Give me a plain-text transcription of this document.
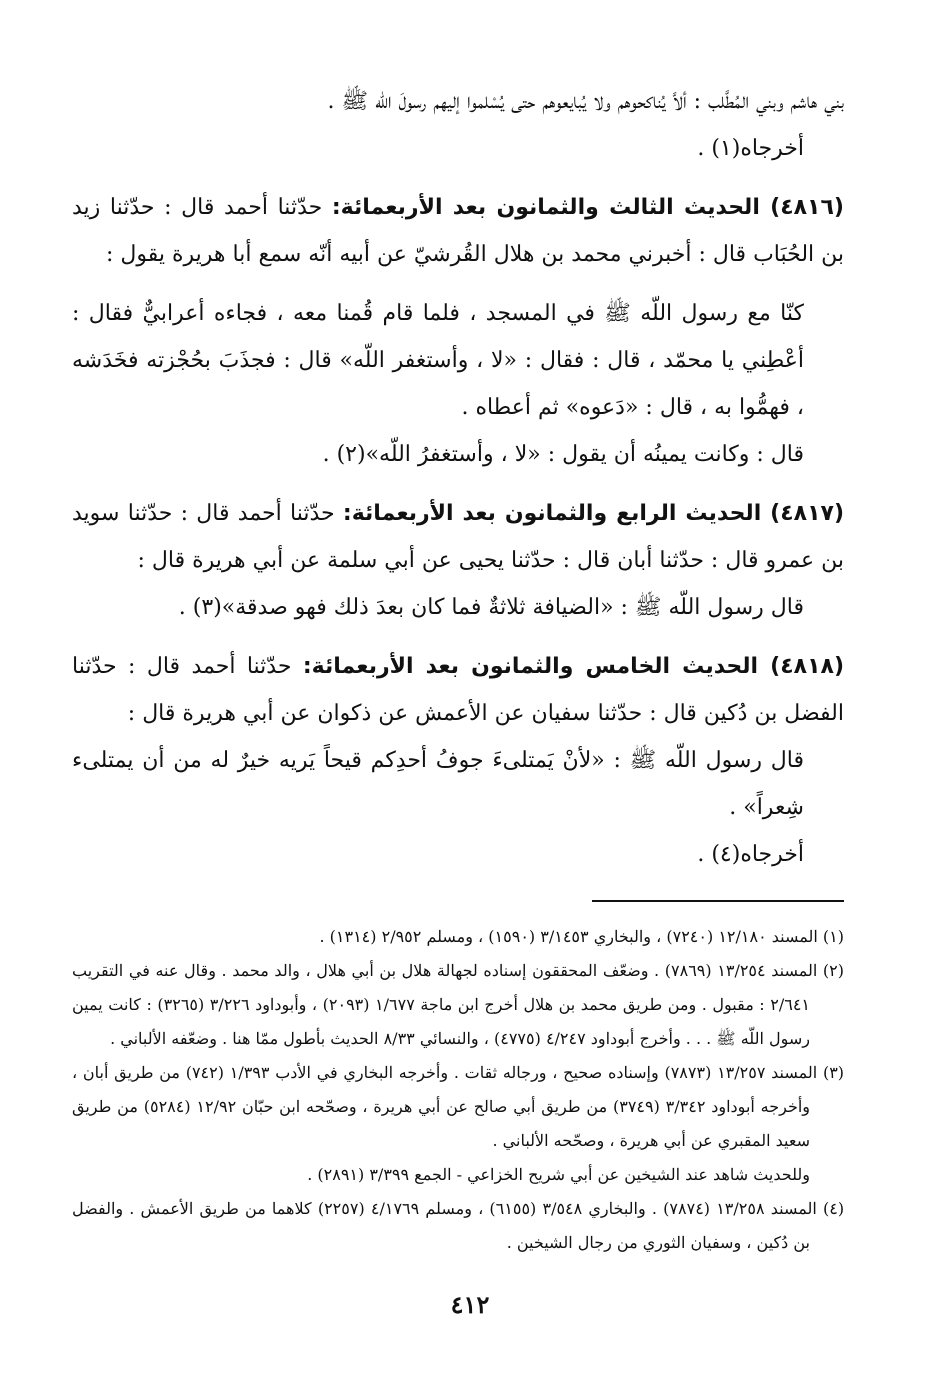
بني هاشم وبني المُطَّلب : ألاَّ يُناكحوهم ولا يُبايعوهم حتى يُسْلموا إليهم رسولَ اللّه ﷺ .

أخرجاه(١) .

(٤٨١٦) الحديث الثالث والثمانون بعد الأربعمائة: حدّثنا أحمد قال : حدّثنا زيد بن الحُبَاب قال : أخبرني محمد بن هلال القُرشيّ عن أبيه أنّه سمع أبا هريرة يقول :

كنّا مع رسول اللّه ﷺ في المسجد ، فلما قام قُمنا معه ، فجاءه أعرابيٌّ فقال : أعْطِني يا محمّد ، قال : فقال : «لا ، وأستغفر اللّه» قال : فجذَبَ بحُجْزته فخَدَشه ، فهمُّوا به ، قال : «دَعوه» ثم أعطاه .

قال : وكانت يمينُه أن يقول : «لا ، وأستغفرُ اللّه»(٢) .

(٤٨١٧) الحديث الرابع والثمانون بعد الأربعمائة: حدّثنا أحمد قال : حدّثنا سويد بن عمرو قال : حدّثنا أبان قال : حدّثنا يحيى عن أبي سلمة عن أبي هريرة قال :

قال رسول اللّه ﷺ : «الضيافة ثلاثةٌ فما كان بعدَ ذلك فهو صدقة»(٣) .

(٤٨١٨) الحديث الخامس والثمانون بعد الأربعمائة: حدّثنا أحمد قال : حدّثنا الفضل بن دُكين قال : حدّثنا سفيان عن الأعمش عن ذكوان عن أبي هريرة قال :

قال رسول اللّه ﷺ : «لأنْ يَمتلىءَ جوفُ أحدِكم قيحاً يَريه خيرٌ له من أن يمتلىء شِعراً» .

أخرجاه(٤) .

(١) المسند ١٢/١٨٠ (٧٢٤٠) ، والبخاري ٣/١٤٥٣ (١٥٩٠) ، ومسلم ٢/٩٥٢ (١٣١٤) .

(٢) المسند ١٣/٢٥٤ (٧٨٦٩) . وضعّف المحققون إسناده لجهالة هلال بن أبي هلال ، والد محمد . وقال عنه في التقريب ٢/٦٤١ : مقبول . ومن طريق محمد بن هلال أخرج ابن ماجة ١/٦٧٧ (٢٠٩٣) ، وأبوداود ٣/٢٢٦ (٣٢٦٥) : كانت يمين رسول اللّه ﷺ . . . وأخرج أبوداود ٤/٢٤٧ (٤٧٧٥) ، والنسائي ٨/٣٣ الحديث بأطول ممّا هنا . وضعّفه الألباني .

(٣) المسند ١٣/٢٥٧ (٧٨٧٣) وإسناده صحيح ، ورجاله ثقات . وأخرجه البخاري في الأدب ١/٣٩٣ (٧٤٢) من طريق أبان ، وأخرجه أبوداود ٣/٣٤٢ (٣٧٤٩) من طريق أبي صالح عن أبي هريرة ، وصحّحه ابن حبّان ١٢/٩٢ (٥٢٨٤) من طريق سعيد المقبري عن أبي هريرة ، وصحّحه الألباني .

وللحديث شاهد عند الشيخين عن أبي شريح الخزاعي - الجمع ٣/٣٩٩ (٢٨٩١) .

(٤) المسند ١٣/٢٥٨ (٧٨٧٤) . والبخاري ٣/٥٤٨ (٦١٥٥) ، ومسلم ٤/١٧٦٩ (٢٢٥٧) كلاهما من طريق الأعمش . والفضل بن دُكين ، وسفيان الثوري من رجال الشيخين .

٤١٢
